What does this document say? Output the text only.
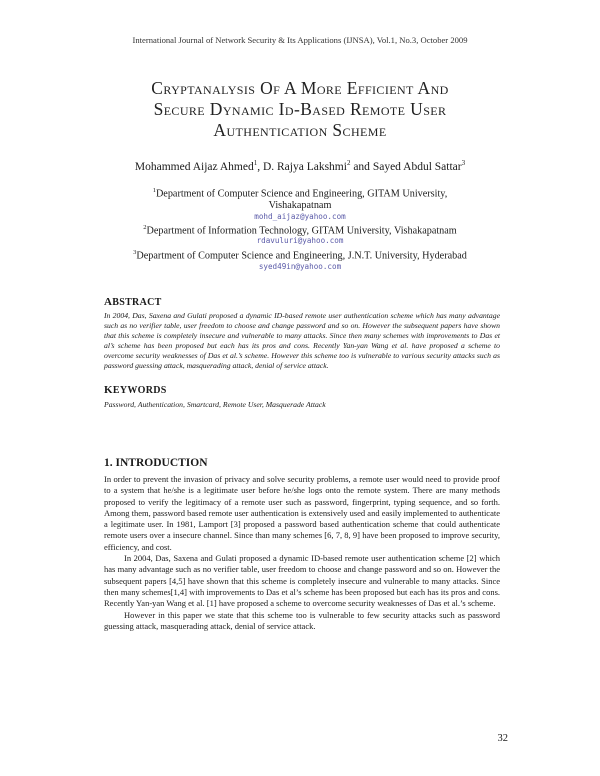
International Journal of Network Security & Its Applications (IJNSA), Vol.1, No.3, October 2009
Cryptanalysis Of A More Efficient And
Secure Dynamic Id-Based Remote User
Authentication Scheme
Mohammed Aijaz Ahmed$^1$, D. Rajya Lakshmi$^2$ and Sayed Abdul Sattar$^3$
$^1$Department of Computer Science and Engineering, GITAM University,
Vishakapatnam
mohd_aijaz@yahoo.com
$^2$Department of Information Technology, GITAM University, Vishakapatnam
rdavuluri@yahoo.com
$^3$Department of Computer Science and Engineering, J.N.T. University, Hyderabad
syed49in@yahoo.com
ABSTRACT
In 2004, Das, Saxena and Gulati proposed a dynamic ID-based remote user authentication scheme which has many advantage such as no verifier table, user freedom to choose and change password and so on. However the subsequent papers have shown that this scheme is completely insecure and vulnerable to many attacks. Since then many schemes with improvements to Das et al’s scheme has been proposed but each has its pros and cons. Recently Yan-yan Wang et al. have proposed a scheme to overcome security weaknesses of Das et al.’s scheme. However this scheme too is vulnerable to various security attacks such as password guessing attack, masquerading attack, denial of service attack.
KEYWORDS
Password, Authentication, Smartcard, Remote User, Masquerade Attack
1. INTRODUCTION

In order to prevent the invasion of privacy and solve security problems, a remote user would need to provide proof to a system that he/she is a legitimate user before he/she logs onto the remote system. There are many methods proposed to verify the legitimacy of a remote user such as password, fingerprint, typing sequence, and so forth. Among them, password based remote user authentication is extensively used and easily implemented to authenticate a legitimate user. In 1981, Lamport [3] proposed a password based authentication scheme that could authenticate remote users over a insecure channel. Since than many schemes [6, 7, 8, 9] have been proposed to improve security, efficiency, and cost.

In 2004, Das, Saxena and Gulati proposed a dynamic ID-based remote user authentication scheme [2] which has many advantage such as no verifier table, user freedom to choose and change password and so on. However the subsequent papers [4,5] have shown that this scheme is completely insecure and vulnerable to many attacks. Since then many schemes[1,4] with improvements to Das et al’s scheme has been proposed but each has its pros and cons. Recently Yan-yan Wang et al. [1] have proposed a scheme to overcome security weaknesses of Das et al.’s scheme.

However in this paper we state that this scheme too is vulnerable to few security attacks such as password guessing attack, masquerading attack, denial of service attack.

32
